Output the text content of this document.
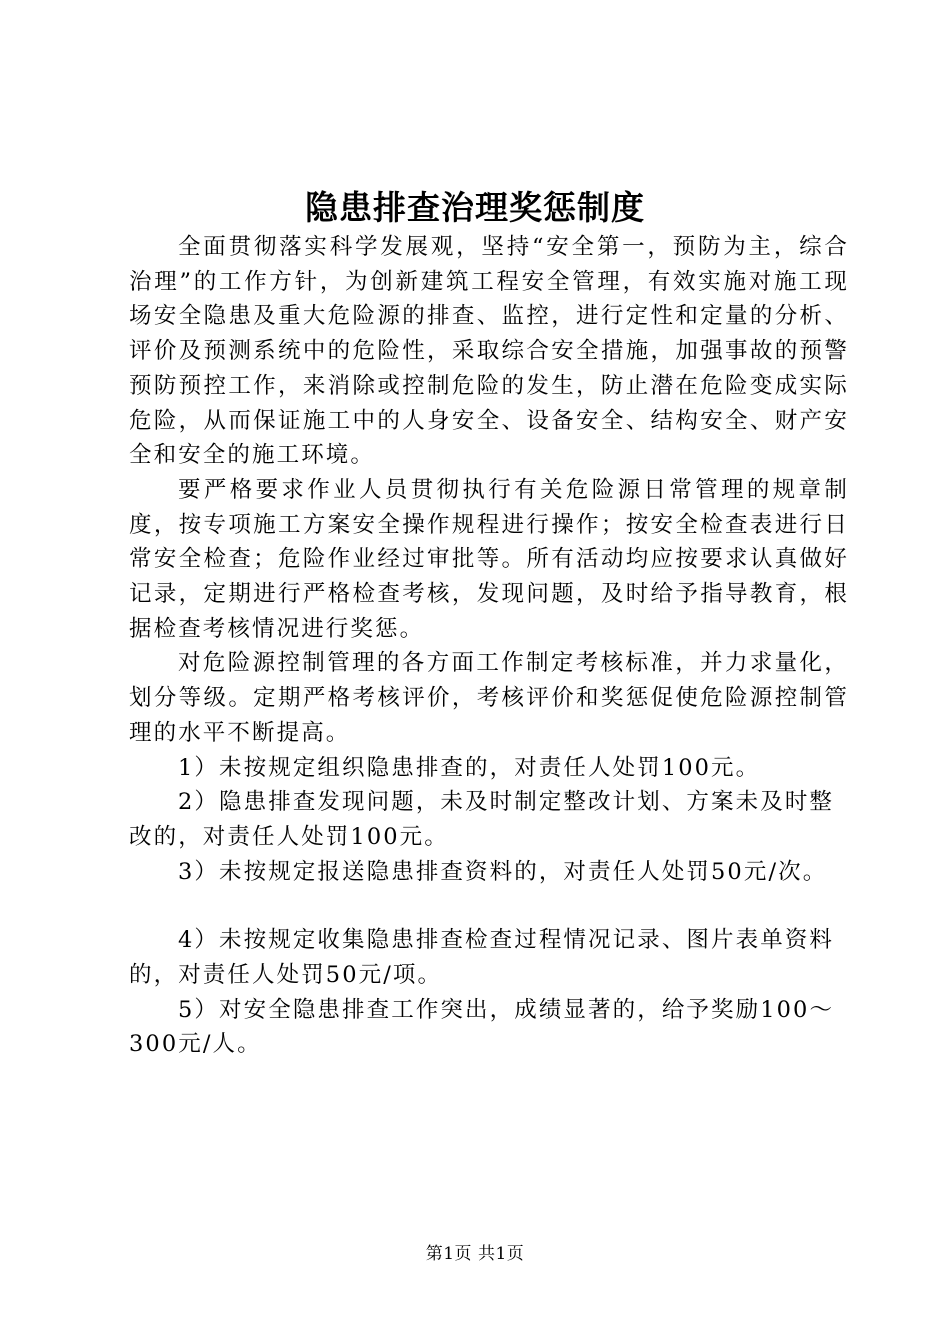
隐患排查治理奖惩制度

全面贯彻落实科学发展观，坚持“安全第一，预防为主，综合治理”的工作方针，为创新建筑工程安全管理，有效实施对施工现场安全隐患及重大危险源的排查、监控，进行定性和定量的分析、评价及预测系统中的危险性，采取综合安全措施，加强事故的预警预防预控工作，来消除或控制危险的发生，防止潜在危险变成实际危险，从而保证施工中的人身安全、设备安全、结构安全、财产安全和安全的施工环境。

要严格要求作业人员贯彻执行有关危险源日常管理的规章制度，按专项施工方案安全操作规程进行操作；按安全检查表进行日常安全检查；危险作业经过审批等。所有活动均应按要求认真做好记录，定期进行严格检查考核，发现问题，及时给予指导教育，根据检查考核情况进行奖惩。

对危险源控制管理的各方面工作制定考核标准，并力求量化，划分等级。定期严格考核评价，考核评价和奖惩促使危险源控制管理的水平不断提高。

1）未按规定组织隐患排查的，对责任人处罚100元。

2）隐患排查发现问题，未及时制定整改计划、方案未及时整改的，对责任人处罚100元。

3）未按规定报送隐患排查资料的，对责任人处罚50元/次。

4）未按规定收集隐患排查检查过程情况记录、图片表单资料的，对责任人处罚50元/项。

5）对安全隐患排查工作突出，成绩显著的，给予奖励100～300元/人。

第1页 共1页
